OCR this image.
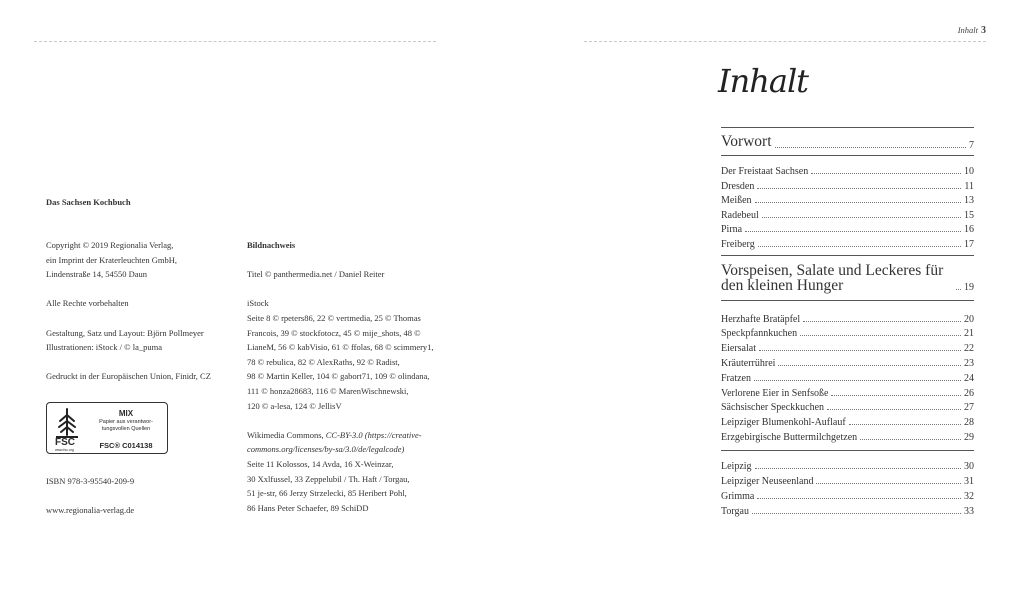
Inhalt 3
Das Sachsen Kochbuch

Copyright © 2019 Regionalia Verlag,

ein Imprint der Kraterleuchten GmbH,

Lindenstraße 14, 54550 Daun

Alle Rechte vorbehalten

Gestaltung, Satz und Layout: Björn Pollmeyer

Illustrationen: iStock / © la_puma

Gedruckt in der Europäischen Union, Finidr, CZ

FSC
www.fsc.org
MIX
Papier aus verantwor-
tungsvollen Quellen
FSC® C014138
ISBN 978-3-95540-209-9
www.regionalia-verlag.de

Bildnachweis

Titel © panthermedia.net / Daniel Reiter

iStock

Seite 8 © rpeters86, 22 © vertmedia, 25 © Thomas

Francois, 39 © stockfotocz, 45 © mije_shots, 48 ©

LianeM, 56 © kabVisio, 61 © ffolas, 68 © scimmery1,

78 © rebulica, 82 © AlexRaths, 92 © Radist,

98 © Martin Keller, 104 © gabort71, 109 © olindana,

111 © honza28683, 116 © MarenWischnewski,

120 © a-lesa, 124 © JellisV

Wikimedia Commons, CC-BY-3.0 (https://creative-

commons.org/licenses/by-sa/3.0/de/legalcode)

Seite 11 Kolossos, 14 Avda, 16 X-Weinzar,

30 Xxlfussel, 33 Zeppelubil / Th. Haft / Torgau,

51 je-str, 66 Jerzy Strzelecki, 85 Heribert Pohl,

86 Hans Peter Schaefer, 89 SchiDD

Inhalt
Vorwort	7
Der Freistaat Sachsen	10
Dresden	11
Meißen	13
Radebeul	15
Pirna	16
Freiberg	17
Vorspeisen, Salate und Leckeres für den kleinen Hunger	19
Herzhafte Bratäpfel	20
Speckpfannkuchen	21
Eiersalat	22
Kräuterrührei	23
Fratzen	24
Verlorene Eier in Senfsoße	26
Sächsischer Speckkuchen	27
Leipziger Blumenkohl-Auflauf	28
Erzgebirgische Buttermilchgetzen	29
Leipzig	30
Leipziger Neuseenland	31
Grimma	32
Torgau	33
